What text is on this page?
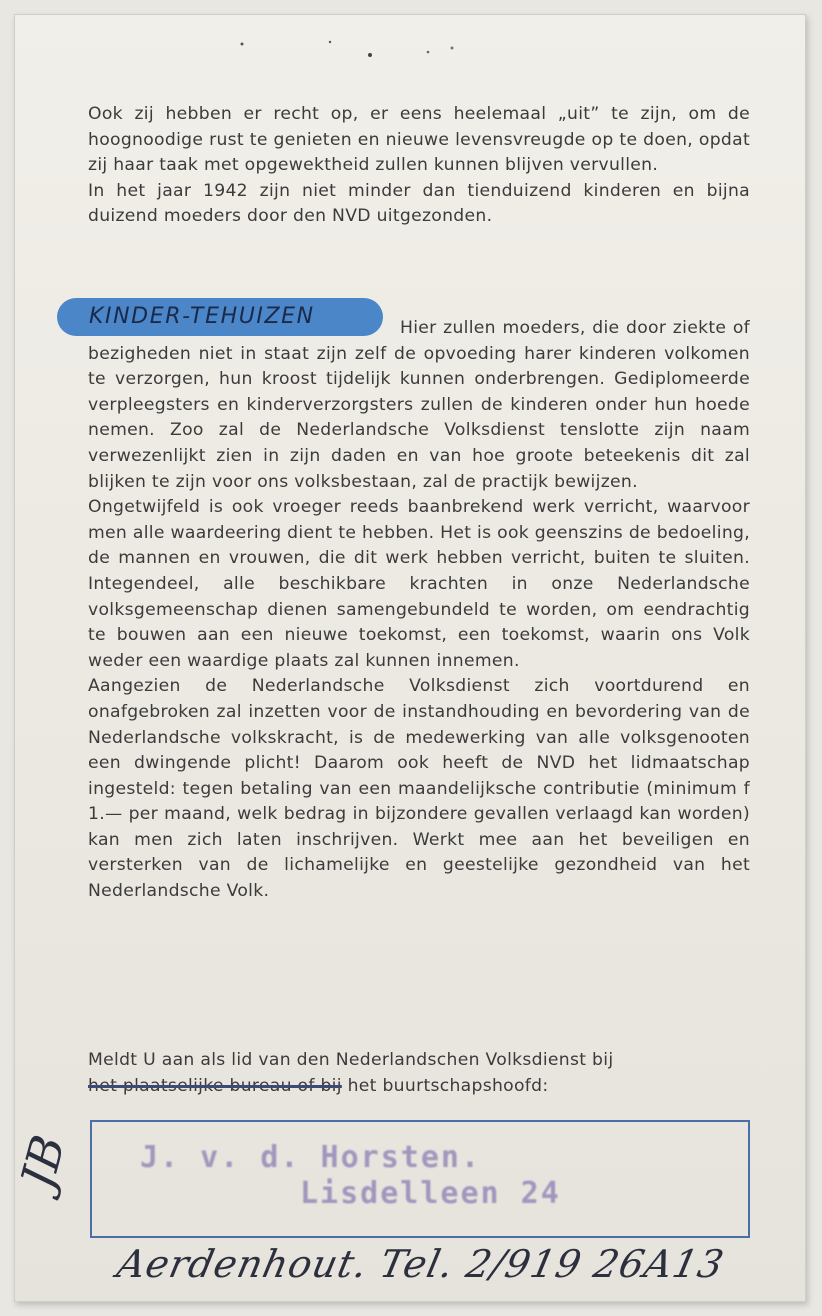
Ook zij hebben er recht op, er eens heelemaal „uit” te zijn, om de hoognoodige rust te genieten en nieuwe levensvreugde op te doen, opdat zij haar taak met opgewektheid zullen kunnen blijven vervullen.

In het jaar 1942 zijn niet minder dan tienduizend kinderen en bijna duizend moeders door den NVD uitgezonden.

KINDER-TEHUIZEN	Hier zullen moeders, die door ziekte of bezigheden niet in staat zijn zelf de opvoeding harer kinderen volkomen te verzorgen, hun kroost tijdelijk kunnen onderbrengen. Gediplomeerde verpleegsters en kinderverzorgsters zullen de kinderen onder hun hoede nemen. Zoo zal de Nederlandsche Volksdienst tenslotte zijn naam verwezenlijkt zien in zijn daden en van hoe groote beteekenis dit zal blijken te zijn voor ons volksbestaan, zal de practijk bewijzen.

Ongetwijfeld is ook vroeger reeds baanbrekend werk verricht, waarvoor men alle waardeering dient te hebben. Het is ook geenszins de bedoeling, de mannen en vrouwen, die dit werk hebben verricht, buiten te sluiten. Integendeel, alle beschikbare krachten in onze Nederlandsche volksgemeenschap dienen samengebundeld te worden, om eendrachtig te bouwen aan een nieuwe toekomst, een toekomst, waarin ons Volk weder een waardige plaats zal kunnen innemen.

Aangezien de Nederlandsche Volksdienst zich voortdurend en onafgebroken zal inzetten voor de instandhouding en bevordering van de Nederlandsche volkskracht, is de medewerking van alle volksgenooten een dwingende plicht! Daarom ook heeft de NVD het lidmaatschap ingesteld: tegen betaling van een maandelijksche contributie (minimum f 1.— per maand, welk bedrag in bijzondere gevallen verlaagd kan worden) kan men zich laten inschrijven. Werkt mee aan het beveiligen en versterken van de lichamelijke en geestelijke gezondheid van het Nederlandsche Volk.

Meldt U aan als lid van den Nederlandschen Volksdienst bij

het plaatselijke bureau of bij het buurtschapshoofd:

J. v. d. Horsten.
Lisdelleen 24
JB
Aerdenhout. Tel. 2/919 26A13
